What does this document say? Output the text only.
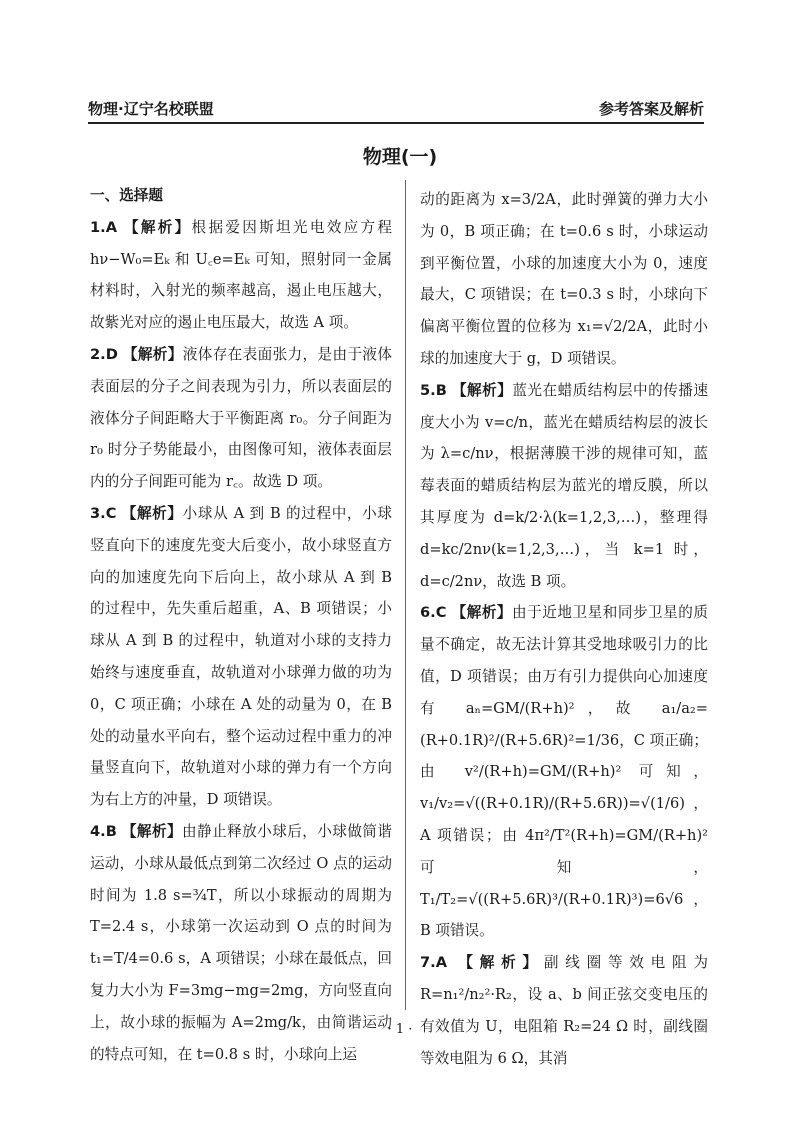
物理·辽宁名校联盟	参考答案及解析
物理(一)
一、选择题

1.A 【解析】根据爱因斯坦光电效应方程hν−W₀=Eₖ 和 U꜀e=Eₖ 可知，照射同一金属材料时，入射光的频率越高，遏止电压越大，故紫光对应的遏止电压最大，故选 A 项。

2.D 【解析】液体存在表面张力，是由于液体表面层的分子之间表现为引力，所以表面层的液体分子间距略大于平衡距离 r₀。分子间距为 r₀ 时分子势能最小，由图像可知，液体表面层内的分子间距可能为 r꜀。故选 D 项。

3.C 【解析】小球从 A 到 B 的过程中，小球竖直向下的速度先变大后变小，故小球竖直方向的加速度先向下后向上，故小球从 A 到 B 的过程中，先失重后超重，A、B 项错误；小球从 A 到 B 的过程中，轨道对小球的支持力始终与速度垂直，故轨道对小球弹力做的功为 0，C 项正确；小球在 A 处的动量为 0，在 B 处的动量水平向右，整个运动过程中重力的冲量竖直向下，故轨道对小球的弹力有一个方向为右上方的冲量，D 项错误。

4.B 【解析】由静止释放小球后，小球做简谐运动，小球从最低点到第二次经过 O 点的运动时间为 1.8 s=¾T，所以小球振动的周期为 T=2.4 s，小球第一次运动到 O 点的时间为 t₁=T/4=0.6 s，A 项错误；小球在最低点，回复力大小为 F=3mg−mg=2mg，方向竖直向上，故小球的振幅为 A=2mg/k，由简谐运动的特点可知，在 t=0.8 s 时，小球向上运

动的距离为 x=3/2A，此时弹簧的弹力大小为 0，B 项正确；在 t=0.6 s 时，小球运动到平衡位置，小球的加速度大小为 0，速度最大，C 项错误；在 t=0.3 s 时，小球向下偏离平衡位置的位移为 x₁=√2/2A，此时小球的加速度大于 g，D 项错误。

5.B 【解析】蓝光在蜡质结构层中的传播速度大小为 v=c/n，蓝光在蜡质结构层的波长为 λ=c/nν，根据薄膜干涉的规律可知，蓝莓表面的蜡质结构层为蓝光的增反膜，所以其厚度为 d=k/2·λ(k=1,2,3,…)，整理得 d=kc/2nν(k=1,2,3,…)，当 k=1 时，d=c/2nν，故选 B 项。

6.C 【解析】由于近地卫星和同步卫星的质量不确定，故无法计算其受地球吸引力的比值，D 项错误；由万有引力提供向心加速度有 aₙ=GM/(R+h)²，故 a₁/a₂=(R+0.1R)²/(R+5.6R)²=1/36，C 项正确；由 v²/(R+h)=GM/(R+h)² 可知，v₁/v₂=√((R+0.1R)/(R+5.6R))=√(1/6)，A 项错误；由 4π²/T²(R+h)=GM/(R+h)² 可知，T₁/T₂=√((R+5.6R)³/(R+0.1R)³)=6√6，B 项错误。

7.A 【解析】副线圈等效电阻为 R=n₁²/n₂²·R₂，设 a、b 间正弦交变电压的有效值为 U，电阻箱 R₂=24 Ω 时，副线圈等效电阻为 6 Ω，其消

· 1 ·
